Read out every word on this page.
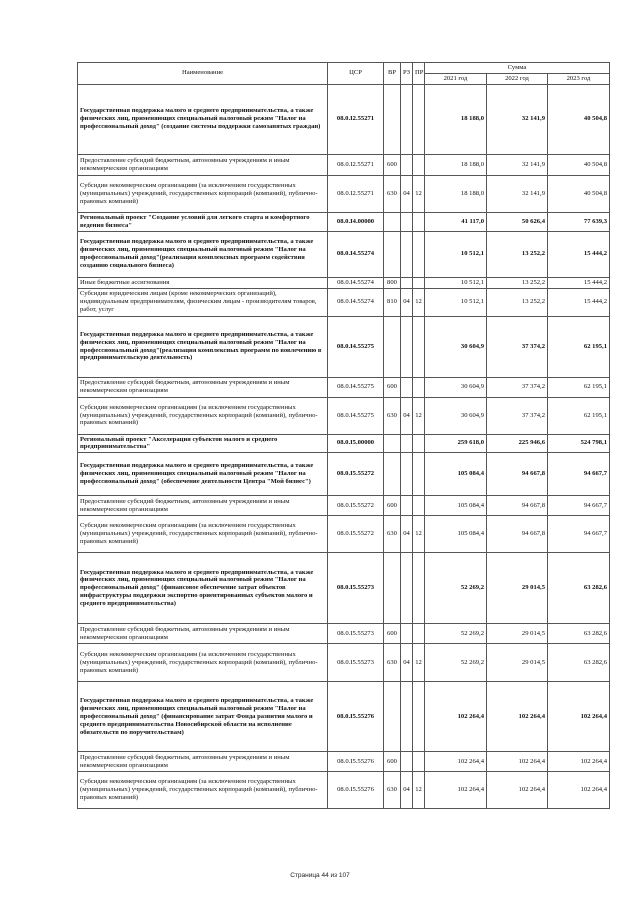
Наименование	ЦСР	ВР	РЗ	ПР	Сумма		
					2021 год	2022 год	2023 год
Государственная поддержка малого и среднего предпринимательства, а также физических лиц, применяющих специальный налоговый режим "Налог на профессиональный доход" (создание системы поддержки самозанятых граждан)	08.0.I2.55271				18 188,0	32 141,9	40 504,8
Предоставление субсидий бюджетным, автономным учреждениям и иным некоммерческим организациям	08.0.I2.55271	600			18 188,0	32 141,9	40 504,8
Субсидии некоммерческим организациям (за исключением государственных (муниципальных) учреждений, государственных корпораций (компаний), публично-правовых компаний)	08.0.I2.55271	630	04	12	18 188,0	32 141,9	40 504,8
Региональный проект "Создание условий для легкого старта и комфортного ведения бизнеса"	08.0.I4.00000				41 117,0	50 626,4	77 639,3
Государственная поддержка малого и среднего предпринимательства, а также физических лиц, применяющих специальный налоговый режим "Налог на профессиональный доход"(реализация комплексных программ содействия созданию социального бизнеса)	08.0.I4.55274				10 512,1	13 252,2	15 444,2
Иные бюджетные ассигнования	08.0.I4.55274	800			10 512,1	13 252,2	15 444,2
Субсидии юридическим лицам (кроме некоммерческих организаций), индивидуальным предпринимателям, физическим лицам - производителям товаров, работ, услуг	08.0.I4.55274	810	04	12	10 512,1	13 252,2	15 444,2
Государственная поддержка малого и среднего предпринимательства, а также физических лиц, применяющих специальный налоговый режим "Налог на профессиональный доход"(реализация комплексных программ по вовлечению в предпринимательскую деятельность)	08.0.I4.55275				30 604,9	37 374,2	62 195,1
Предоставление субсидий бюджетным, автономным учреждениям и иным некоммерческим организациям	08.0.I4.55275	600			30 604,9	37 374,2	62 195,1
Субсидии некоммерческим организациям (за исключением государственных (муниципальных) учреждений, государственных корпораций (компаний), публично-правовых компаний)	08.0.I4.55275	630	04	12	30 604,9	37 374,2	62 195,1
Региональный проект "Акселерация субъектов малого и среднего предпринимательства"	08.0.I5.00000				259 618,0	225 946,6	524 798,1
Государственная поддержка малого и среднего предпринимательства, а также физических лиц, применяющих специальный налоговый режим "Налог на профессиональный доход" (обеспечение деятельности Центра "Мой бизнес")	08.0.I5.55272				105 084,4	94 667,8	94 667,7
Предоставление субсидий бюджетным, автономным учреждениям и иным некоммерческим организациям	08.0.I5.55272	600			105 084,4	94 667,8	94 667,7
Субсидии некоммерческим организациям (за исключением государственных (муниципальных) учреждений, государственных корпораций (компаний), публично-правовых компаний)	08.0.I5.55272	630	04	12	105 084,4	94 667,8	94 667,7
Государственная поддержка малого и среднего предпринимательства, а также физических лиц, применяющих специальный налоговый режим "Налог на профессиональный доход" (финансовое обеспечение затрат объектов инфраструктуры поддержки экспортно ориентированных субъектов малого и среднего предпринимательства)	08.0.I5.55273				52 269,2	29 014,5	63 282,6
Предоставление субсидий бюджетным, автономным учреждениям и иным некоммерческим организациям	08.0.I5.55273	600			52 269,2	29 014,5	63 282,6
Субсидии некоммерческим организациям (за исключением государственных (муниципальных) учреждений, государственных корпораций (компаний), публично-правовых компаний)	08.0.I5.55273	630	04	12	52 269,2	29 014,5	63 282,6
Государственная поддержка малого и среднего предпринимательства, а также физических лиц, применяющих специальный налоговый режим "Налог на профессиональный доход" (финансирование затрат Фонда развития малого и среднего предпринимательства Новосибирской области на исполнение обязательств по поручительствам)	08.0.I5.55276				102 264,4	102 264,4	102 264,4
Предоставление субсидий бюджетным, автономным учреждениям и иным некоммерческим организациям	08.0.I5.55276	600			102 264,4	102 264,4	102 264,4
Субсидии некоммерческим организациям (за исключением государственных (муниципальных) учреждений, государственных корпораций (компаний), публично-правовых компаний)	08.0.I5.55276	630	04	12	102 264,4	102 264,4	102 264,4
Страница 44 из 107
